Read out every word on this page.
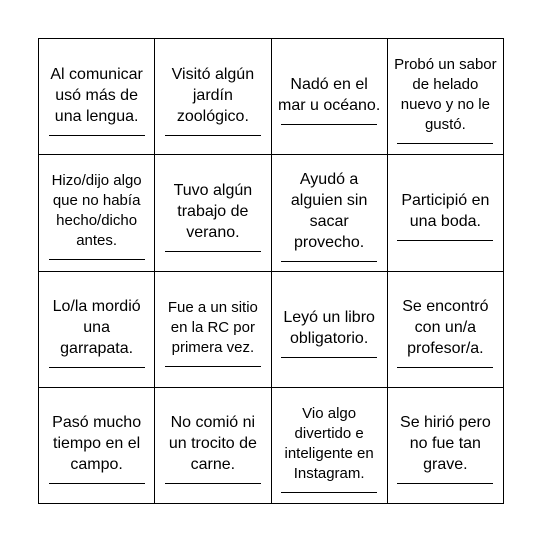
Al comunicar usó más de una lengua.
Visitó algún jardín zoológico.
Nadó en el mar u océano.
Probó un sabor de helado nuevo y no le gustó.
Hizo/dijo algo que no había hecho/dicho antes.
Tuvo algún trabajo de verano.
Ayudó a alguien sin sacar provecho.
Participió en una boda.
Lo/la mordió una garrapata.
Fue a un sitio en la RC por primera vez.
Leyó un libro obligatorio.
Se encontró con un/a profesor/a.
Pasó mucho tiempo en el campo.
No comió ni un trocito de carne.
Vio algo divertido e inteligente en Instagram.
Se hirió pero no fue tan grave.
